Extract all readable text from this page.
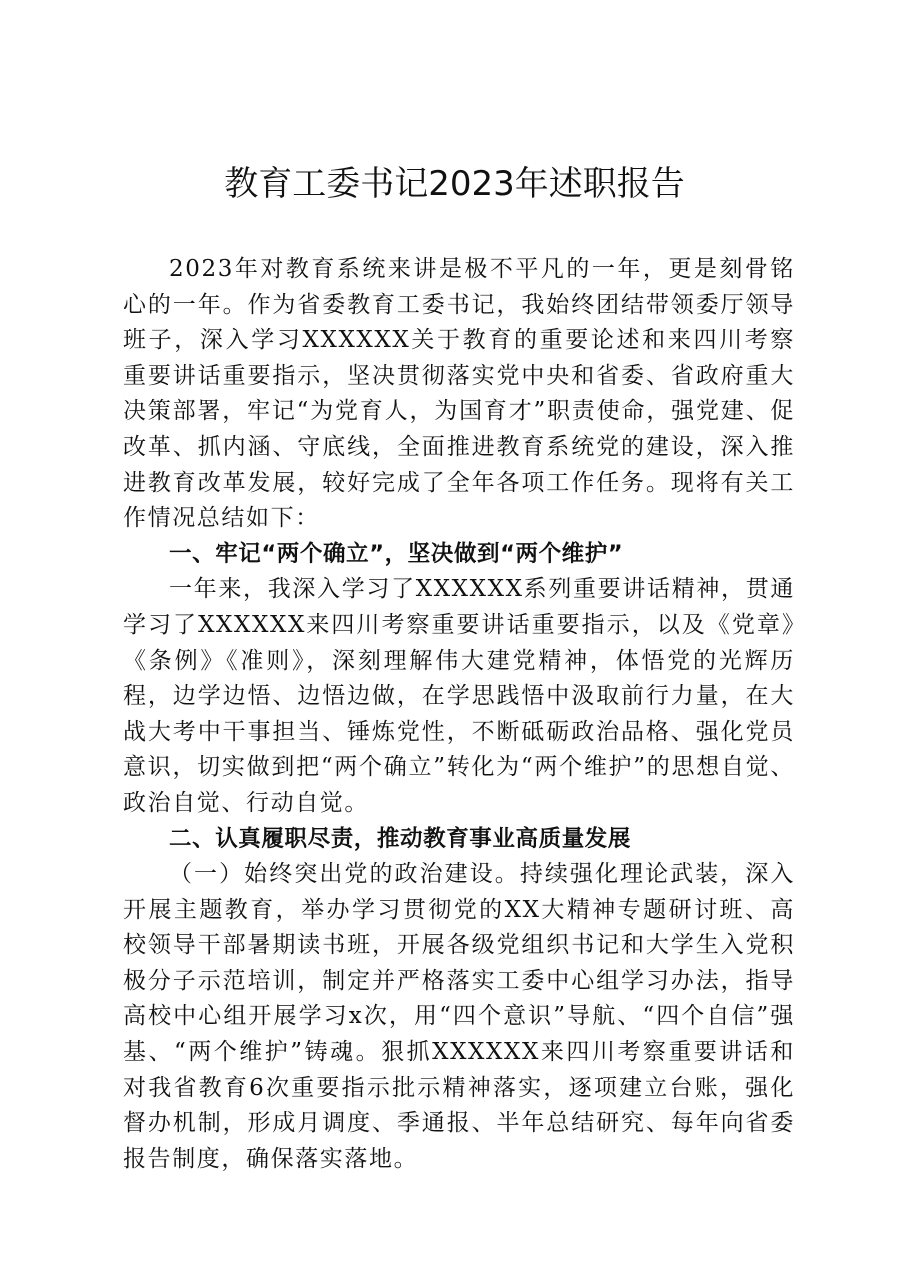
教育工委书记2023年述职报告

2023年对教育系统来讲是极不平凡的一年，更是刻骨铭心的一年。作为省委教育工委书记，我始终团结带领委厅领导班子，深入学习XXXXXX关于教育的重要论述和来四川考察重要讲话重要指示，坚决贯彻落实党中央和省委、省政府重大决策部署，牢记“为党育人，为国育才”职责使命，强党建、促改革、抓内涵、守底线，全面推进教育系统党的建设，深入推进教育改革发展，较好完成了全年各项工作任务。现将有关工作情况总结如下：

一、牢记“两个确立”，坚决做到“两个维护”

一年来，我深入学习了XXXXXX系列重要讲话精神，贯通学习了XXXXXX来四川考察重要讲话重要指示，以及《党章》《条例》《准则》，深刻理解伟大建党精神，体悟党的光辉历程，边学边悟、边悟边做，在学思践悟中汲取前行力量，在大战大考中干事担当、锤炼党性，不断砥砺政治品格、强化党员意识，切实做到把“两个确立”转化为“两个维护”的思想自觉、政治自觉、行动自觉。

二、认真履职尽责，推动教育事业高质量发展

（一）始终突出党的政治建设。持续强化理论武装，深入开展主题教育，举办学习贯彻党的XX大精神专题研讨班、高校领导干部暑期读书班，开展各级党组织书记和大学生入党积极分子示范培训，制定并严格落实工委中心组学习办法，指导高校中心组开展学习x次，用“四个意识”导航、“四个自信”强基、“两个维护”铸魂。狠抓XXXXXX来四川考察重要讲话和对我省教育6次重要指示批示精神落实，逐项建立台账，强化督办机制，形成月调度、季通报、半年总结研究、每年向省委报告制度，确保落实落地。
